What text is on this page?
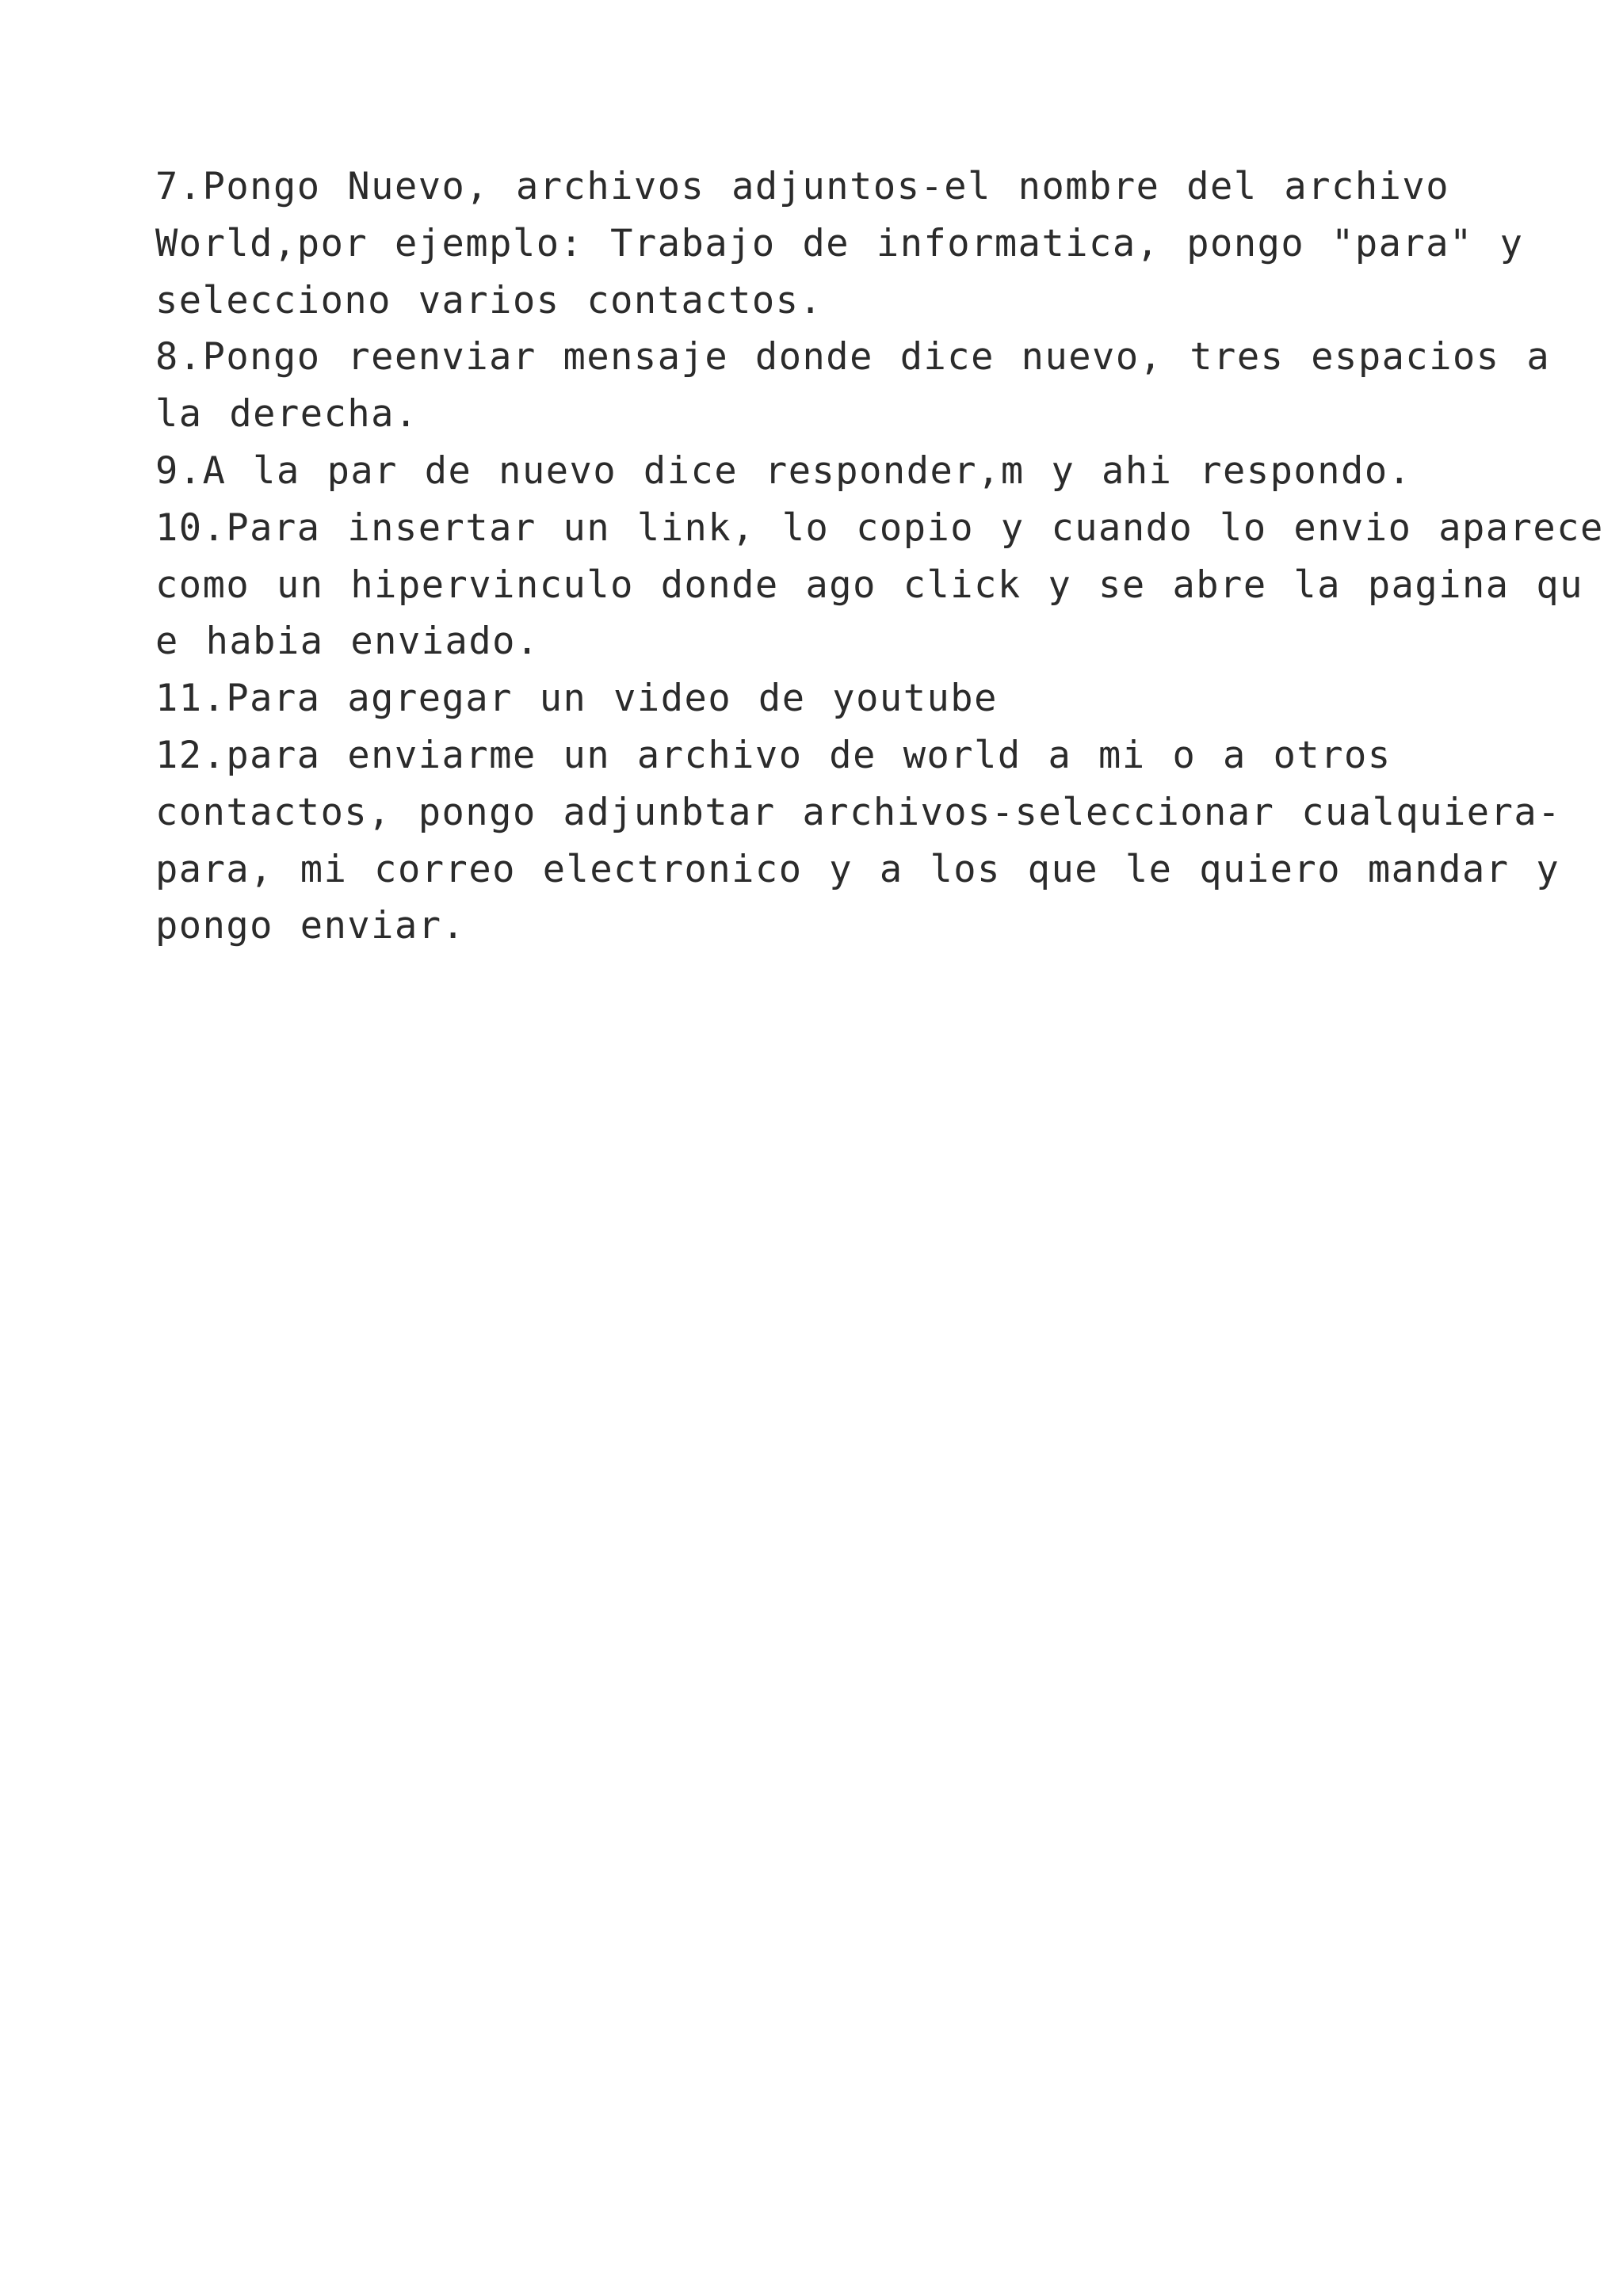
7.Pongo Nuevo, archivos adjuntos-el nombre del archivo
World,por ejemplo: Trabajo de informatica, pongo "para" y
selecciono varios contactos.
8.Pongo reenviar mensaje donde dice nuevo, tres espacios a
la derecha.
9.A la par de nuevo dice responder,m y ahi respondo.
10.Para insertar un link, lo copio y cuando lo envio aparece
como un hipervinculo donde ago click y se abre la pagina qu
e habia enviado.
11.Para agregar un video de youtube
12.para enviarme un archivo de world a mi o a otros
contactos, pongo adjunbtar archivos-seleccionar cualquiera-
para, mi correo electronico y a los que le quiero mandar y
pongo enviar.
